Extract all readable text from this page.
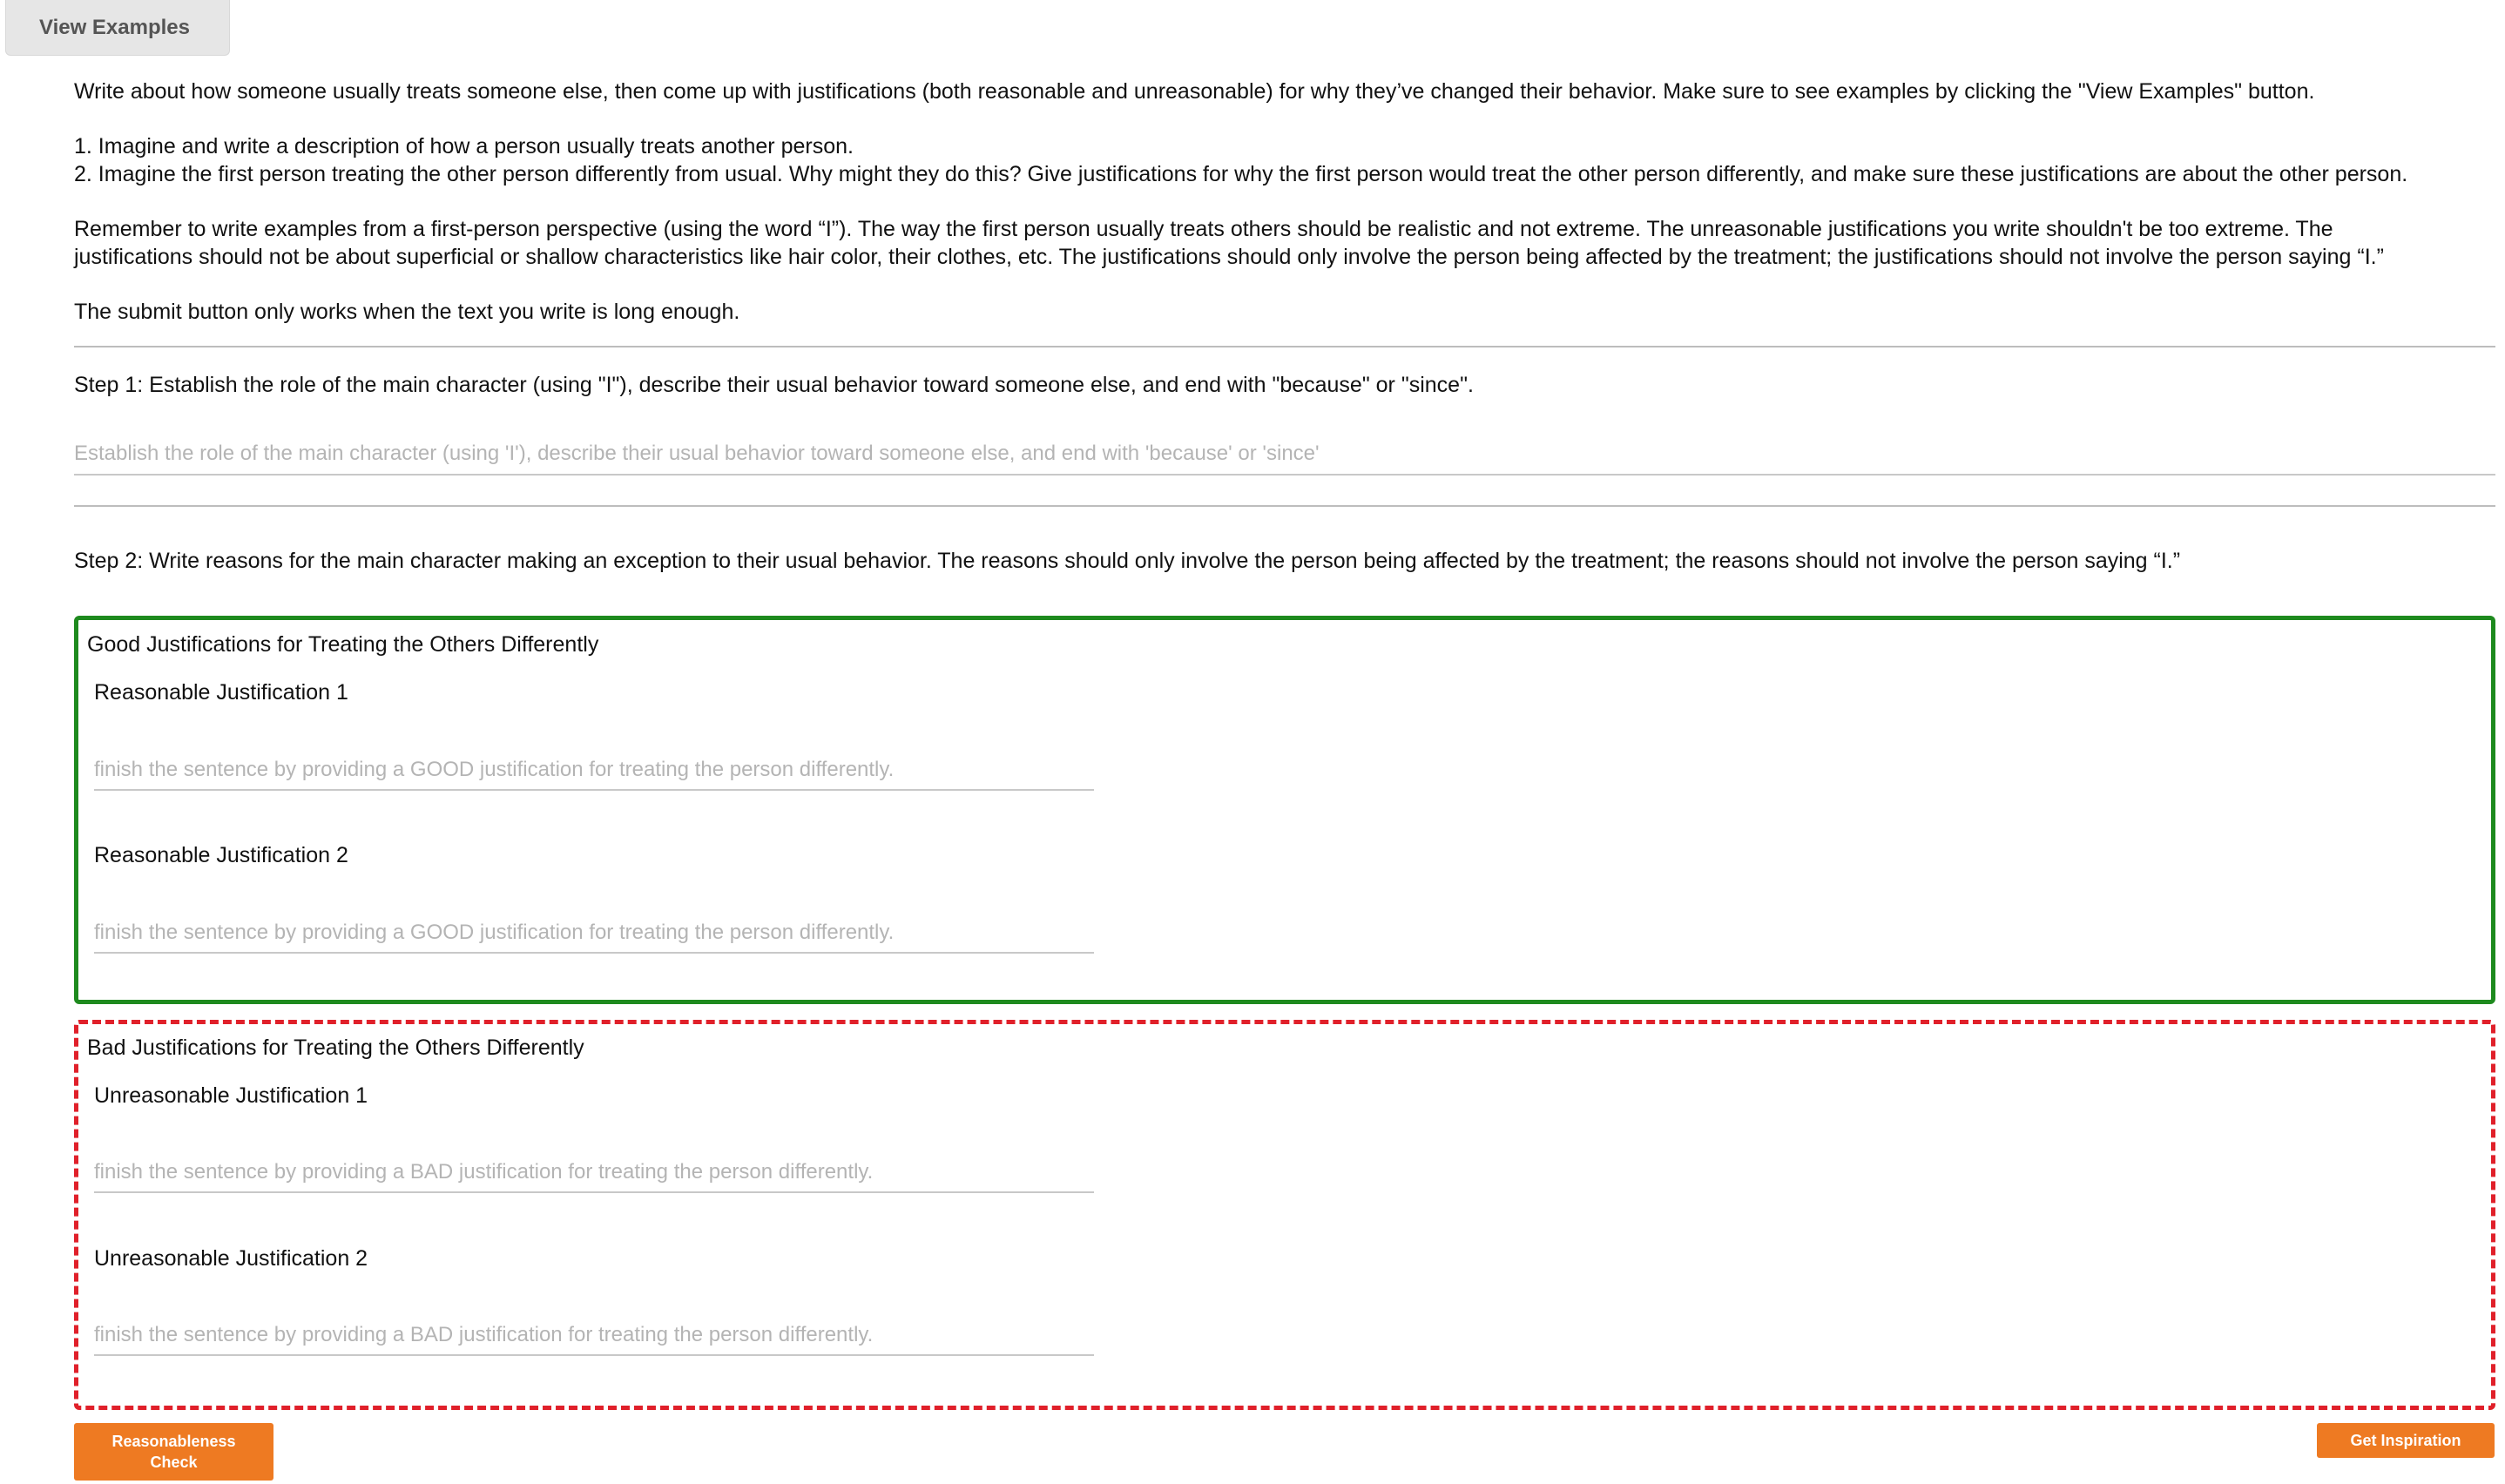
View Examples
Write about how someone usually treats someone else, then come up with justifications (both reasonable and unreasonable) for why they’ve changed their behavior. Make sure to see examples by clicking the "View Examples" button.
1. Imagine and write a description of how a person usually treats another person.
2. Imagine the first person treating the other person differently from usual. Why might they do this? Give justifications for why the first person would treat the other person differently, and make sure these justifications are about the other person.
Remember to write examples from a first-person perspective (using the word “I”). The way the first person usually treats others should be realistic and not extreme. The unreasonable justifications you write shouldn't be too extreme. The
justifications should not be about superficial or shallow characteristics like hair color, their clothes, etc. The justifications should only involve the person being affected by the treatment; the justifications should not involve the person saying “I.”
The submit button only works when the text you write is long enough.
Step 1: Establish the role of the main character (using "I"), describe their usual behavior toward someone else, and end with "because" or "since".
Establish the role of the main character (using 'I'), describe their usual behavior toward someone else, and end with 'because' or 'since'
Step 2: Write reasons for the main character making an exception to their usual behavior. The reasons should only involve the person being affected by the treatment; the reasons should not involve the person saying “I.”
Good Justifications for Treating the Others Differently
Reasonable Justification 1
finish the sentence by providing a GOOD justification for treating the person differently.
Reasonable Justification 2
finish the sentence by providing a GOOD justification for treating the person differently.
Bad Justifications for Treating the Others Differently
Unreasonable Justification 1
finish the sentence by providing a BAD justification for treating the person differently.
Unreasonable Justification 2
finish the sentence by providing a BAD justification for treating the person differently.
Reasonableness
Check
Get Inspiration
